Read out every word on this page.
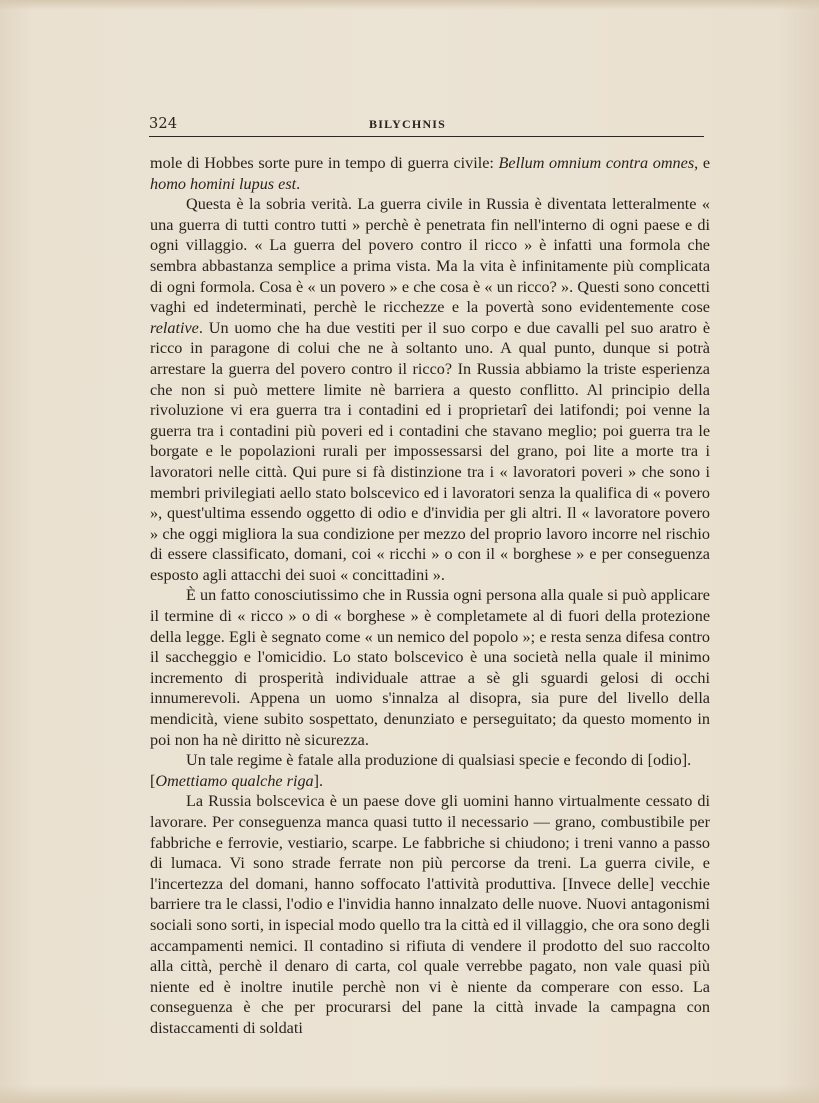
324	BILYCHNIS

mole di Hobbes sorte pure in tempo di guerra civile: Bellum omnium contra omnes, e homo homini lupus est.

Questa è la sobria verità. La guerra civile in Russia è diventata letteralmente « una guerra di tutti contro tutti » perchè è penetrata fin nell'interno di ogni paese e di ogni villaggio. « La guerra del povero contro il ricco » è infatti una formola che sembra abbastanza semplice a prima vista. Ma la vita è infinitamente più complicata di ogni formola. Cosa è « un povero » e che cosa è « un ricco? ». Questi sono concetti vaghi ed indeterminati, perchè le ricchezze e la povertà sono evidentemente cose relative. Un uomo che ha due vestiti per il suo corpo e due cavalli pel suo aratro è ricco in paragone di colui che ne à soltanto uno. A qual punto, dunque si potrà arrestare la guerra del povero contro il ricco? In Russia abbiamo la triste esperienza che non si può mettere limite nè barriera a questo conflitto. Al principio della rivoluzione vi era guerra tra i contadini ed i proprietarî dei latifondi; poi venne la guerra tra i contadini più poveri ed i contadini che stavano meglio; poi guerra tra le borgate e le popolazioni rurali per impossessarsi del grano, poi lite a morte tra i lavoratori nelle città. Qui pure si fà distinzione tra i « lavoratori poveri » che sono i membri privilegiati aello stato bolscevico ed i lavoratori senza la qualifica di « povero », quest'ultima essendo oggetto di odio e d'invidia per gli altri. Il « lavoratore povero » che oggi migliora la sua condizione per mezzo del proprio lavoro incorre nel rischio di essere classificato, domani, coi « ricchi » o con il « borghese » e per conseguenza esposto agli attacchi dei suoi « concittadini ».

È un fatto conosciutissimo che in Russia ogni persona alla quale si può applicare il termine di « ricco » o di « borghese » è completamete al di fuori della protezione della legge. Egli è segnato come « un nemico del popolo »; e resta senza difesa contro il saccheggio e l'omicidio. Lo stato bolscevico è una società nella quale il minimo incremento di prosperità individuale attrae a sè gli sguardi gelosi di occhi innumerevoli. Appena un uomo s'innalza al disopra, sia pure del livello della mendicità, viene subito sospettato, denunziato e perseguitato; da questo momento in poi non ha nè diritto nè sicurezza.

Un tale regime è fatale alla produzione di qualsiasi specie e fecondo di [odio].
[Omettiamo qualche riga].

La Russia bolscevica è un paese dove gli uomini hanno virtualmente cessato di lavorare. Per conseguenza manca quasi tutto il necessario — grano, combustibile per fabbriche e ferrovie, vestiario, scarpe. Le fabbriche si chiudono; i treni vanno a passo di lumaca. Vi sono strade ferrate non più percorse da treni. La guerra civile, e l'incertezza del domani, hanno soffocato l'attività produttiva. [Invece delle] vecchie barriere tra le classi, l'odio e l'invidia hanno innalzato delle nuove. Nuovi antagonismi sociali sono sorti, in ispecial modo quello tra la città ed il villaggio, che ora sono degli accampamenti nemici. Il contadino si rifiuta di vendere il prodotto del suo raccolto alla città, perchè il denaro di carta, col quale verrebbe pagato, non vale quasi più niente ed è inoltre inutile perchè non vi è niente da comperare con esso. La conseguenza è che per procurarsi del pane la città invade la campagna con distaccamenti di soldati
